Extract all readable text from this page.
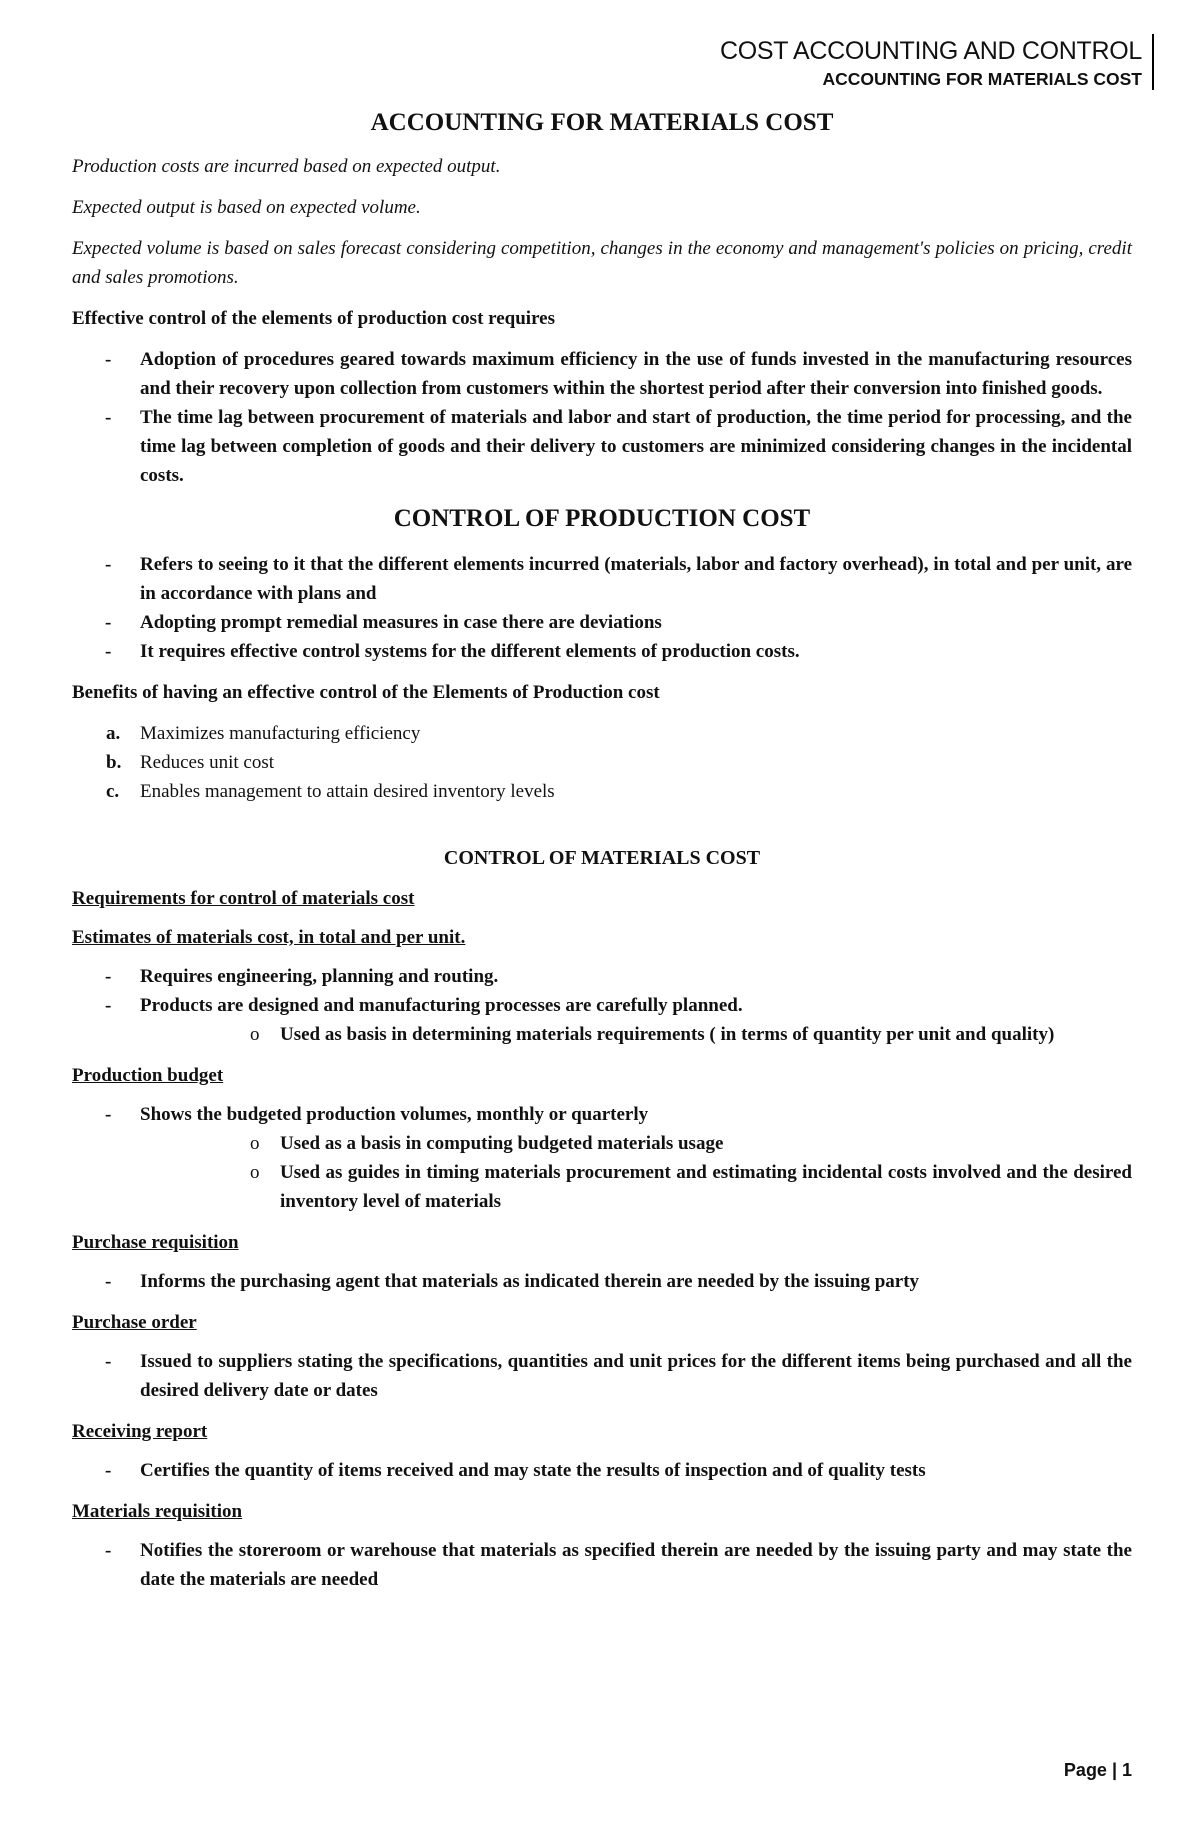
COST ACCOUNTING AND CONTROL
ACCOUNTING FOR MATERIALS COST
ACCOUNTING FOR MATERIALS COST

Production costs are incurred based on expected output.

Expected output is based on expected volume.

Expected volume is based on sales forecast considering competition, changes in the economy and management's policies on pricing, credit and sales promotions.

Effective control of the elements of production cost requires

- Adoption of procedures geared towards maximum efficiency in the use of funds invested in the manufacturing resources and their recovery upon collection from customers within the shortest period after their conversion into finished goods.
- The time lag between procurement of materials and labor and start of production, the time period for processing, and the time lag between completion of goods and their delivery to customers are minimized considering changes in the incidental costs.
CONTROL OF PRODUCTION COST
- Refers to seeing to it that the different elements incurred (materials, labor and factory overhead), in total and per unit, are in accordance with plans and
- Adopting prompt remedial measures in case there are deviations
- It requires effective control systems for the different elements of production costs.

Benefits of having an effective control of the Elements of Production cost

a. Maximizes manufacturing efficiency
b. Reduces unit cost
c. Enables management to attain desired inventory levels
CONTROL OF MATERIALS COST

Requirements for control of materials cost

Estimates of materials cost, in total and per unit.

- Requires engineering, planning and routing.
- Products are designed and manufacturing processes are carefully planned.
o Used as basis in determining materials requirements ( in terms of quantity per unit and quality)

Production budget

- Shows the budgeted production volumes, monthly or quarterly
o Used as a basis in computing budgeted materials usage
o Used as guides in timing materials procurement and estimating incidental costs involved and the desired inventory level of materials

Purchase requisition

- Informs the purchasing agent that materials as indicated therein are needed by the issuing party

Purchase order

- Issued to suppliers stating the specifications, quantities and unit prices for the different items being purchased and all the desired delivery date or dates

Receiving report

- Certifies the quantity of items received and may state the results of inspection and of quality tests

Materials requisition

- Notifies the storeroom or warehouse that materials as specified therein are needed by the issuing party and may state the date the materials are needed
Page | 1
